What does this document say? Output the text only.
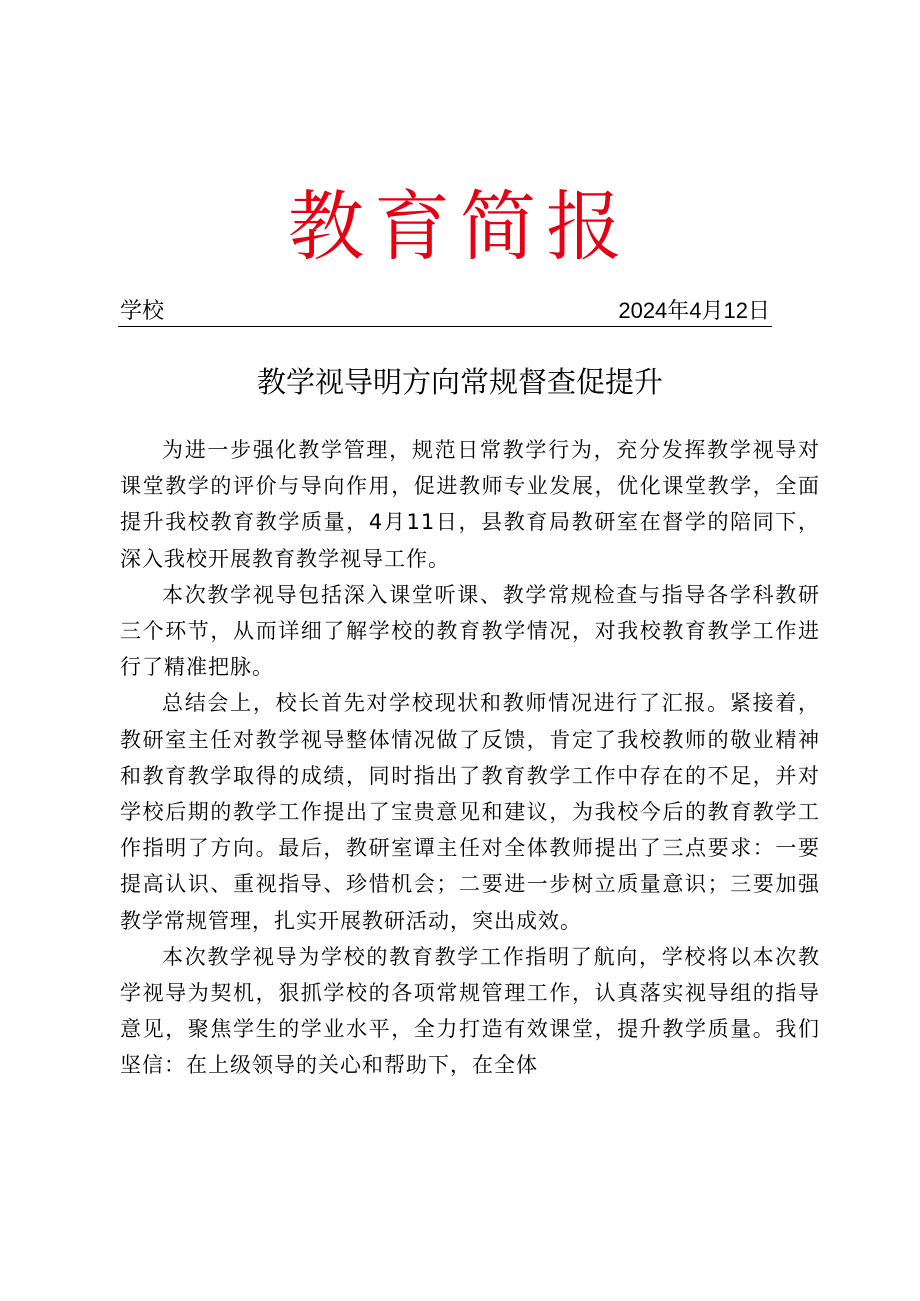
教育简报
学校	2024年4月12日
教学视导明方向常规督查促提升

为进一步强化教学管理，规范日常教学行为，充分发挥教学视导对课堂教学的评价与导向作用，促进教师专业发展，优化课堂教学，全面提升我校教育教学质量，4月11日，县教育局教研室在督学的陪同下，深入我校开展教育教学视导工作。

本次教学视导包括深入课堂听课、教学常规检查与指导各学科教研三个环节，从而详细了解学校的教育教学情况，对我校教育教学工作进行了精准把脉。

总结会上，校长首先对学校现状和教师情况进行了汇报。紧接着，教研室主任对教学视导整体情况做了反馈，肯定了我校教师的敬业精神和教育教学取得的成绩，同时指出了教育教学工作中存在的不足，并对学校后期的教学工作提出了宝贵意见和建议，为我校今后的教育教学工作指明了方向。最后，教研室谭主任对全体教师提出了三点要求：一要提高认识、重视指导、珍惜机会；二要进一步树立质量意识；三要加强教学常规管理，扎实开展教研活动，突出成效。

本次教学视导为学校的教育教学工作指明了航向，学校将以本次教学视导为契机，狠抓学校的各项常规管理工作，认真落实视导组的指导意见，聚焦学生的学业水平，全力打造有效课堂，提升教学质量。我们坚信：在上级领导的关心和帮助下，在全体
